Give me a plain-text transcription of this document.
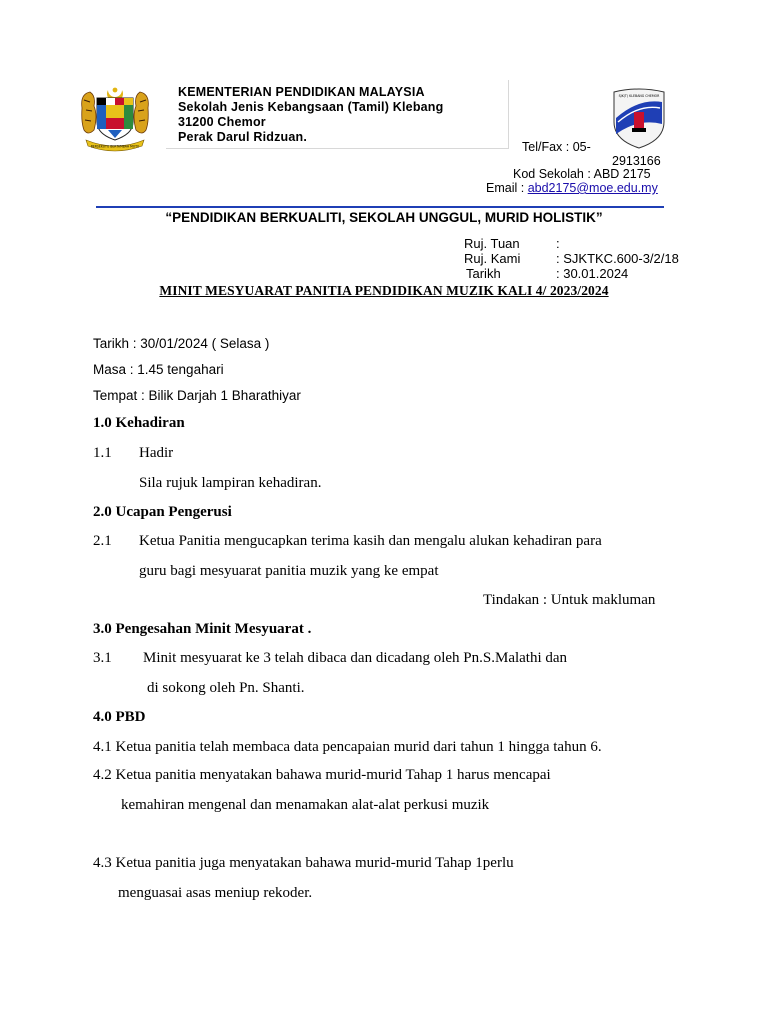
BERSEKUTU BERTAMBAH MUTU
KEMENTERIAN PENDIDIKAN MALAYSIA
Sekolah Jenis Kebangsaan (Tamil) Klebang
31200 Chemor
Perak Darul Ridzuan.
SJK(T) KLEBANG CHEMOR
Tel/Fax : 05-
2913166
Kod Sekolah : ABD 2175
Email : abd2175@moe.edu.my
“PENDIDIKAN BERKUALITI, SEKOLAH UNGGUL, MURID HOLISTIK”
Ruj. Tuan	:
Ruj. Kami	: SJKTKC.600-3/2/18
Tarikh	: 30.01.2024
MINIT MESYUARAT PANITIA PENDIDIKAN MUZIK KALI 4/ 2023/2024
Tarikh : 30/01/2024 ( Selasa )
Masa : 1.45 tengahari
Tempat : Bilik Darjah 1 Bharathiyar
1.0 Kehadiran
1.1 Hadir
Sila rujuk lampiran kehadiran.
2.0 Ucapan Pengerusi
2.1 Ketua Panitia mengucapkan terima kasih dan mengalu alukan kehadiran para
guru bagi mesyuarat panitia muzik yang ke empat
Tindakan : Untuk makluman
3.0 Pengesahan Minit Mesyuarat .
3.1 Minit mesyuarat ke 3 telah dibaca dan dicadang oleh Pn.S.Malathi dan
di sokong oleh Pn. Shanti.
4.0 PBD
4.1 Ketua panitia telah membaca data pencapaian murid dari tahun 1 hingga tahun 6.
4.2 Ketua panitia menyatakan bahawa murid-murid Tahap 1 harus mencapai
kemahiran mengenal dan menamakan alat-alat perkusi muzik
4.3 Ketua panitia juga menyatakan bahawa murid-murid Tahap 1perlu
menguasai asas meniup rekoder.
